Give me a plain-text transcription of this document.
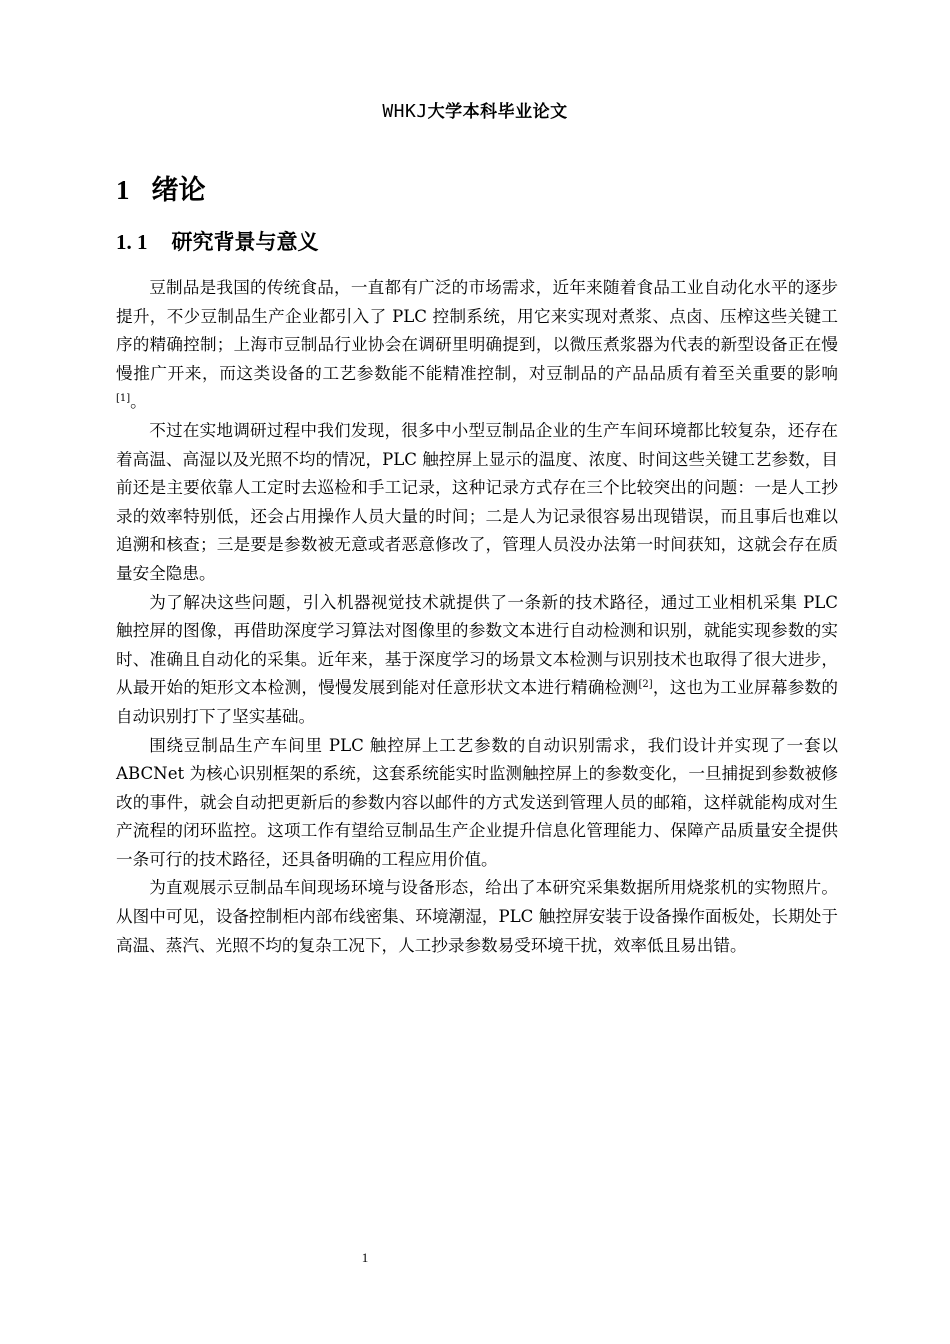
WHKJ大学本科毕业论文
1 绪论
1. 1 研究背景与意义

豆制品是我国的传统食品，一直都有广泛的市场需求，近年来随着食品工业自动化水平的逐步提升，不少豆制品生产企业都引入了 PLC 控制系统，用它来实现对煮浆、点卤、压榨这些关键工序的精确控制；上海市豆制品行业协会在调研里明确提到，以微压煮浆器为代表的新型设备正在慢慢推广开来，而这类设备的工艺参数能不能精准控制，对豆制品的产品品质有着至关重要的影响[1]。

不过在实地调研过程中我们发现，很多中小型豆制品企业的生产车间环境都比较复杂，还存在着高温、高湿以及光照不均的情况，PLC 触控屏上显示的温度、浓度、时间这些关键工艺参数，目前还是主要依靠人工定时去巡检和手工记录，这种记录方式存在三个比较突出的问题：一是人工抄录的效率特别低，还会占用操作人员大量的时间；二是人为记录很容易出现错误，而且事后也难以追溯和核查；三是要是参数被无意或者恶意修改了，管理人员没办法第一时间获知，这就会存在质量安全隐患。

为了解决这些问题，引入机器视觉技术就提供了一条新的技术路径，通过工业相机采集 PLC 触控屏的图像，再借助深度学习算法对图像里的参数文本进行自动检测和识别，就能实现参数的实时、准确且自动化的采集。近年来，基于深度学习的场景文本检测与识别技术也取得了很大进步，从最开始的矩形文本检测，慢慢发展到能对任意形状文本进行精确检测[2]，这也为工业屏幕参数的自动识别打下了坚实基础。

围绕豆制品生产车间里 PLC 触控屏上工艺参数的自动识别需求，我们设计并实现了一套以 ABCNet 为核心识别框架的系统，这套系统能实时监测触控屏上的参数变化，一旦捕捉到参数被修改的事件，就会自动把更新后的参数内容以邮件的方式发送到管理人员的邮箱，这样就能构成对生产流程的闭环监控。这项工作有望给豆制品生产企业提升信息化管理能力、保障产品质量安全提供一条可行的技术路径，还具备明确的工程应用价值。

为直观展示豆制品车间现场环境与设备形态，给出了本研究采集数据所用烧浆机的实物照片。从图中可见，设备控制柜内部布线密集、环境潮湿，PLC 触控屏安装于设备操作面板处，长期处于高温、蒸汽、光照不均的复杂工况下，人工抄录参数易受环境干扰，效率低且易出错。

1
